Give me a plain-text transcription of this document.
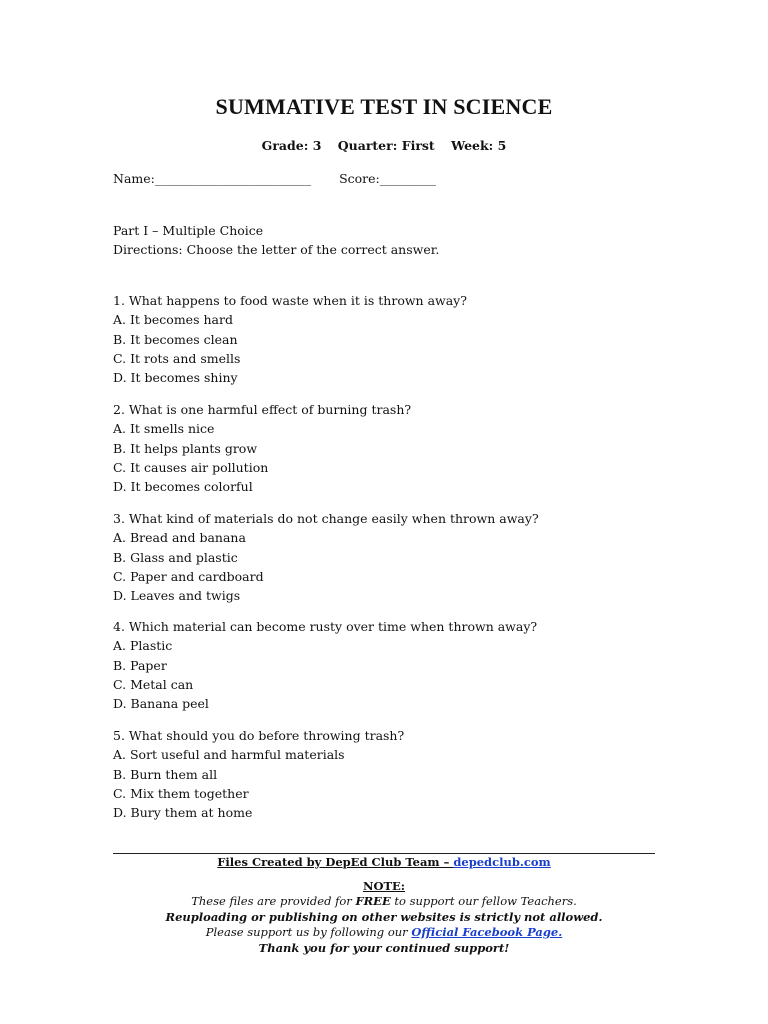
SUMMATIVE TEST IN SCIENCE
Grade: 3 Quarter: First Week: 5
Name:_________________________ Score:_________
Part I – Multiple Choice
Directions: Choose the letter of the correct answer.
1. What happens to food waste when it is thrown away?
A. It becomes hard
B. It becomes clean
C. It rots and smells
D. It becomes shiny
2. What is one harmful effect of burning trash?
A. It smells nice
B. It helps plants grow
C. It causes air pollution
D. It becomes colorful
3. What kind of materials do not change easily when thrown away?
A. Bread and banana
B. Glass and plastic
C. Paper and cardboard
D. Leaves and twigs
4. Which material can become rusty over time when thrown away?
A. Plastic
B. Paper
C. Metal can
D. Banana peel
5. What should you do before throwing trash?
A. Sort useful and harmful materials
B. Burn them all
C. Mix them together
D. Bury them at home
Files Created by DepEd Club Team – depedclub.com
NOTE:
These files are provided for FREE to support our fellow Teachers.
Reuploading or publishing on other websites is strictly not allowed.
Please support us by following our Official Facebook Page.
Thank you for your continued support!
